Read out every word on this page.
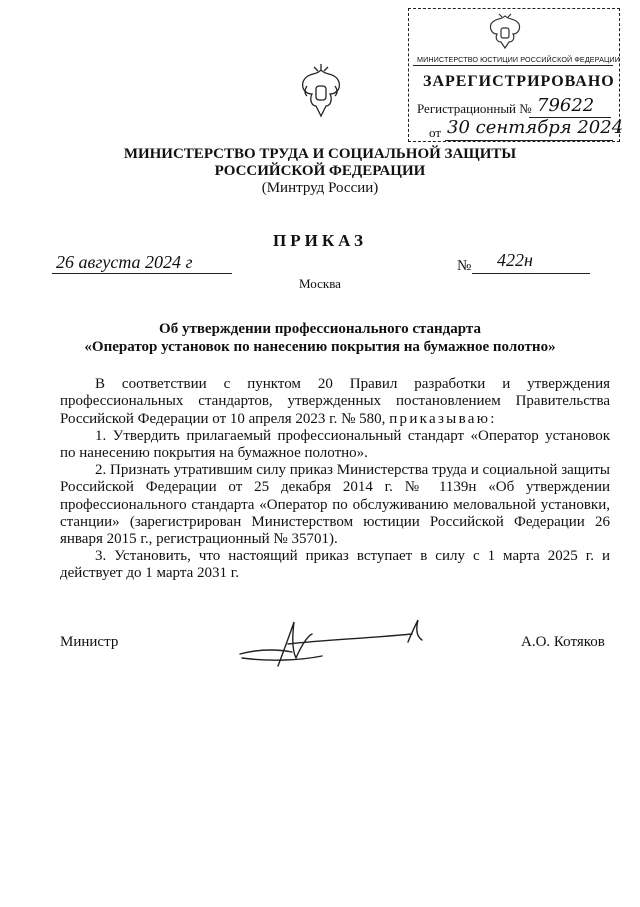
МИНИСТЕРСТВО ЮСТИЦИИ РОССИЙСКОЙ ФЕДЕРАЦИИ
ЗАРЕГИСТРИРОВАНО
Регистрационный № 79622
от 30 сентября 2024
МИНИСТЕРСТВО ТРУДА И СОЦИАЛЬНОЙ ЗАЩИТЫ
РОССИЙСКОЙ ФЕДЕРАЦИИ
(Минтруд России)
ПРИКАЗ
26 августа 2024 г	№ 422н
Москва
Об утверждении профессионального стандарта
«Оператор установок по нанесению покрытия на бумажное полотно»
В соответствии с пунктом 20 Правил разработки и утверждения профессиональных стандартов, утвержденных постановлением Правительства Российской Федерации от 10 апреля 2023 г. № 580, приказываю:
1. Утвердить прилагаемый профессиональный стандарт «Оператор установок по нанесению покрытия на бумажное полотно».
2. Признать утратившим силу приказ Министерства труда и социальной защиты Российской Федерации от 25 декабря 2014 г. № 1139н «Об утверждении профессионального стандарта «Оператор по обслуживанию меловальной установки, станции» (зарегистрирован Министерством юстиции Российской Федерации 26 января 2015 г., регистрационный № 35701).
3. Установить, что настоящий приказ вступает в силу с 1 марта 2025 г. и действует до 1 марта 2031 г.
Министр	А.О. Котяков
